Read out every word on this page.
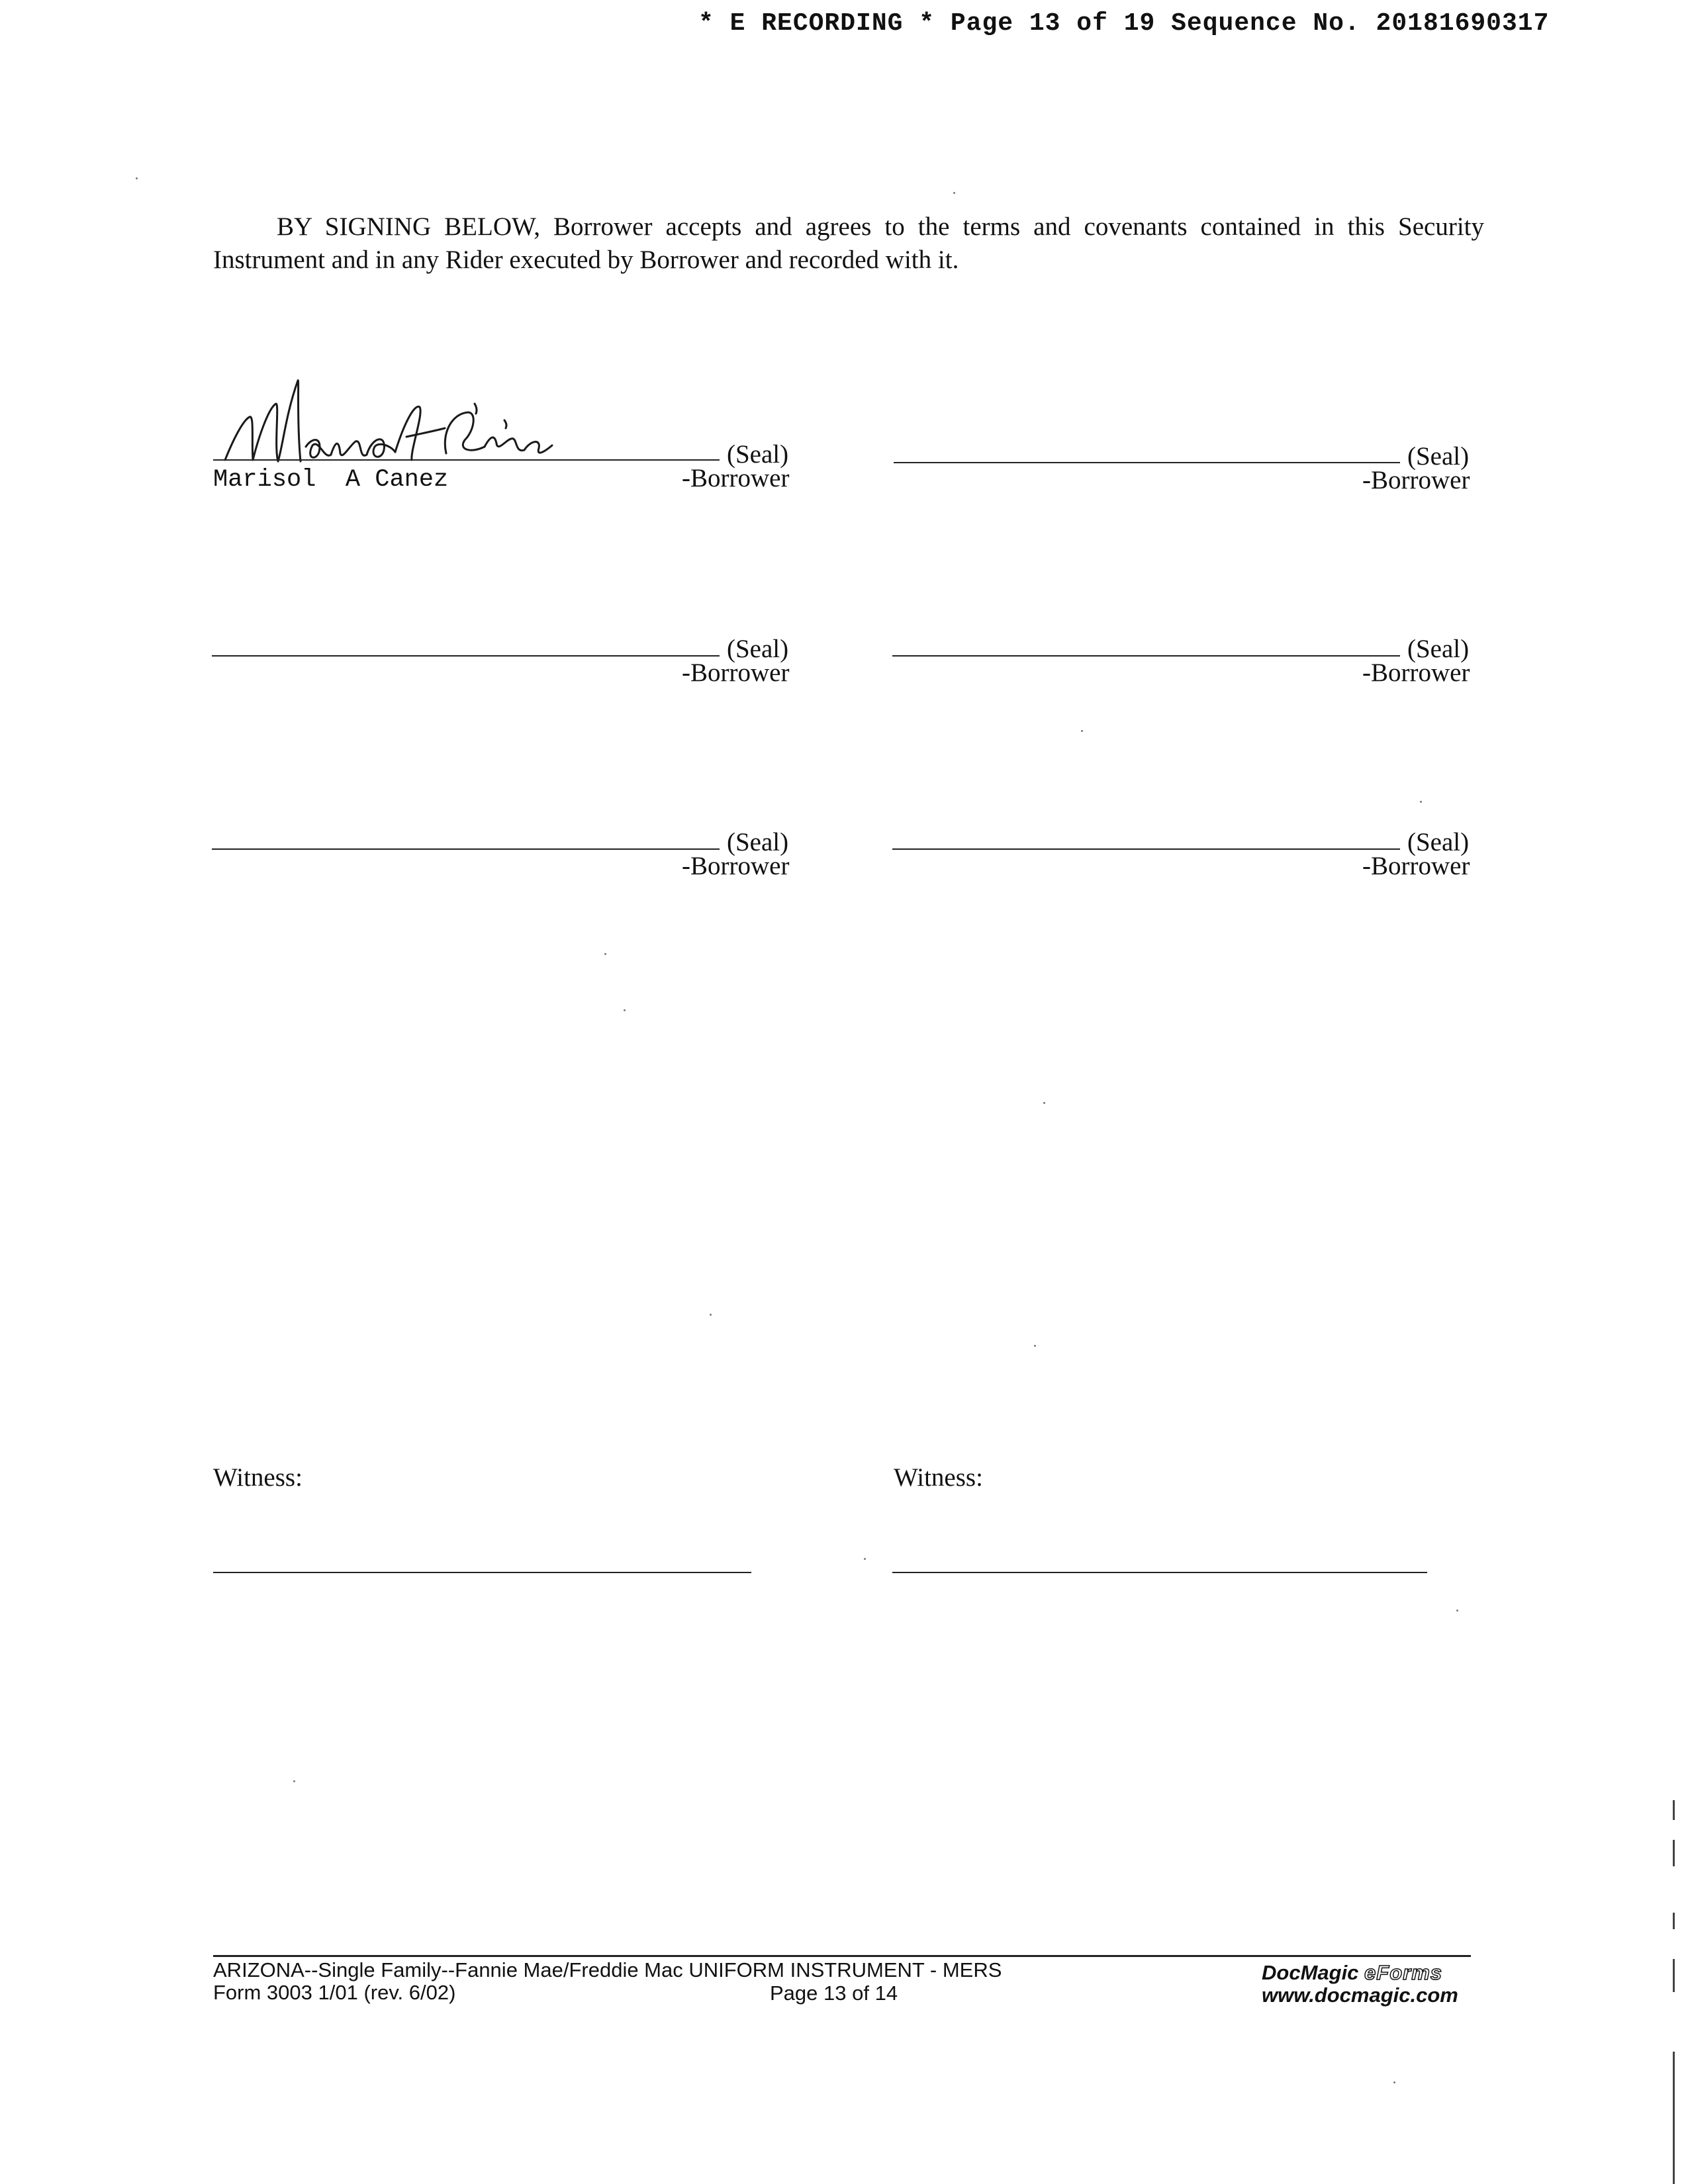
* E RECORDING * Page 13 of 19 Sequence No. 20181690317

BY SIGNING BELOW, Borrower accepts and agrees to the terms and covenants contained in this Security Instrument and in any Rider executed by Borrower and recorded with it.

(Seal)
Marisol  A Canez	-Borrower
(Seal)
-Borrower
(Seal)
-Borrower
(Seal)
-Borrower
(Seal)
-Borrower
(Seal)
-Borrower
Witness:	Witness:
ARIZONA--Single Family--Fannie Mae/Freddie Mac UNIFORM INSTRUMENT - MERS
Form 3003 1/01 (rev. 6/02)	Page 13 of 14
DocMagic eForms
www.docmagic.com
